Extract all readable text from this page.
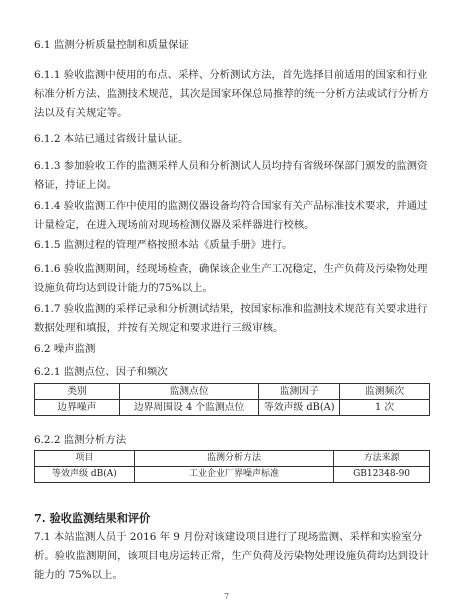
6.1 监测分析质量控制和质量保证

6.1.1 验收监测中使用的布点、采样、分析测试方法，首先选择目前适用的国家和行业标准分析方法、监测技术规范，其次是国家环保总局推荐的统一分析方法或试行分析方法以及有关规定等。

6.1.2 本站已通过省级计量认证。

6.1.3 参加验收工作的监测采样人员和分析测试人员均持有省级环保部门颁发的监测资格证，持证上岗。

6.1.4 验收监测工作中使用的监测仪器设备均符合国家有关产品标准技术要求，并通过计量检定，在进入现场前对现场检测仪器及采样器进行校核。

6.1.5 监测过程的管理严格按照本站《质量手册》进行。

6.1.6 验收监测期间，经现场检查，确保该企业生产工况稳定，生产负荷及污染物处理设施负荷均达到设计能力的75%以上。

6.1.7 验收监测的采样记录和分析测试结果，按国家标准和监测技术规范有关要求进行数据处理和填报，并按有关规定和要求进行三级审核。

6.2 噪声监测

6.2.1 监测点位、因子和频次

类别	监测点位	监测因子	监测频次
边界噪声	边界周围设 4 个监测点位	等效声级 dB(A)	1 次

6.2.2 监测分析方法

项目	监测分析方法	方法来源
等效声级 dB(A)	工业企业厂界噪声标准	GB12348-90

7. 验收监测结果和评价

7.1 本站监测人员于 2016 年 9 月份对该建设项目进行了现场监测、采样和实验室分析。验收监测期间，该项目电房运转正常，生产负荷及污染物处理设施负荷均达到设计能力的 75%以上。

7
